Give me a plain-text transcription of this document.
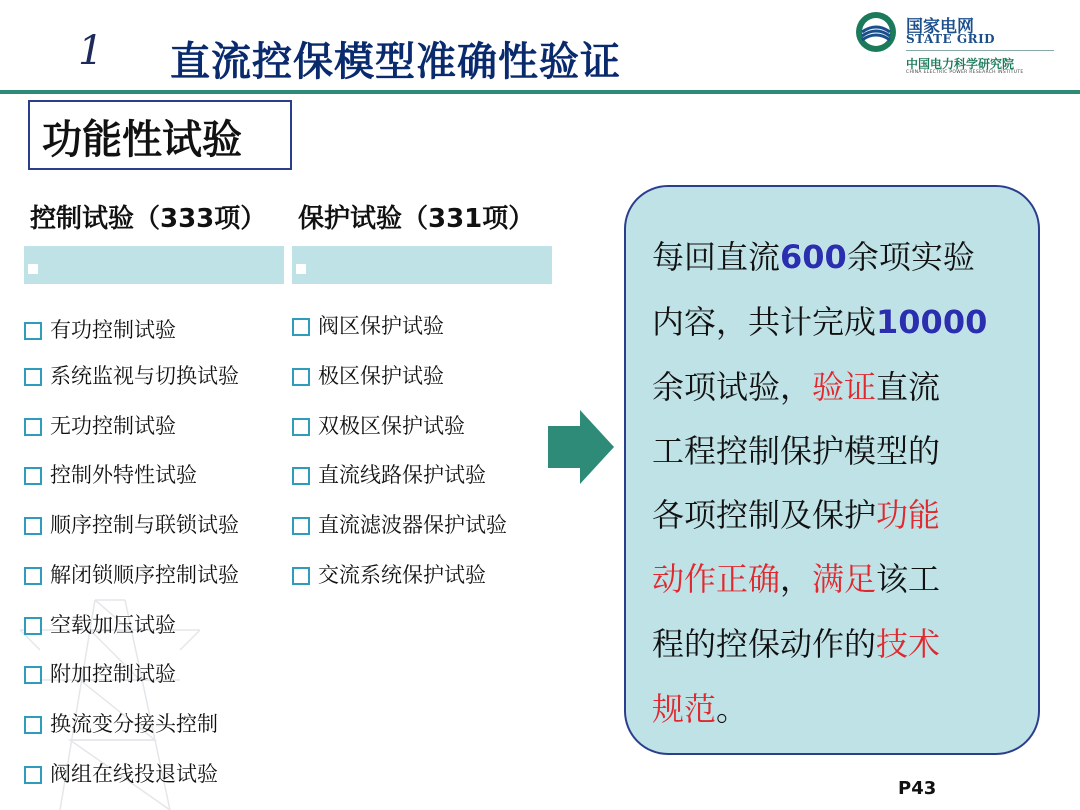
1 直流控保模型准确性验证
国家电网
STATE GRID
中国电力科学研究院
CHINA ELECTRIC POWER RESEARCH INSTITUTE
功能性试验
控制试验（333项） 保护试验（331项）
有功控制试验
系统监视与切换试验
无功控制试验
控制外特性试验
顺序控制与联锁试验
解闭锁顺序控制试验
空载加压试验
附加控制试验
换流变分接头控制
阀组在线投退试验
阀区保护试验
极区保护试验
双极区保护试验
直流线路保护试验
直流滤波器保护试验
交流系统保护试验
每回直流600余项实验
内容，共计完成10000
余项试验，验证直流
工程控制保护模型的
各项控制及保护功能
动作正确，满足该工
程的控保动作的技术
规范。
P43
